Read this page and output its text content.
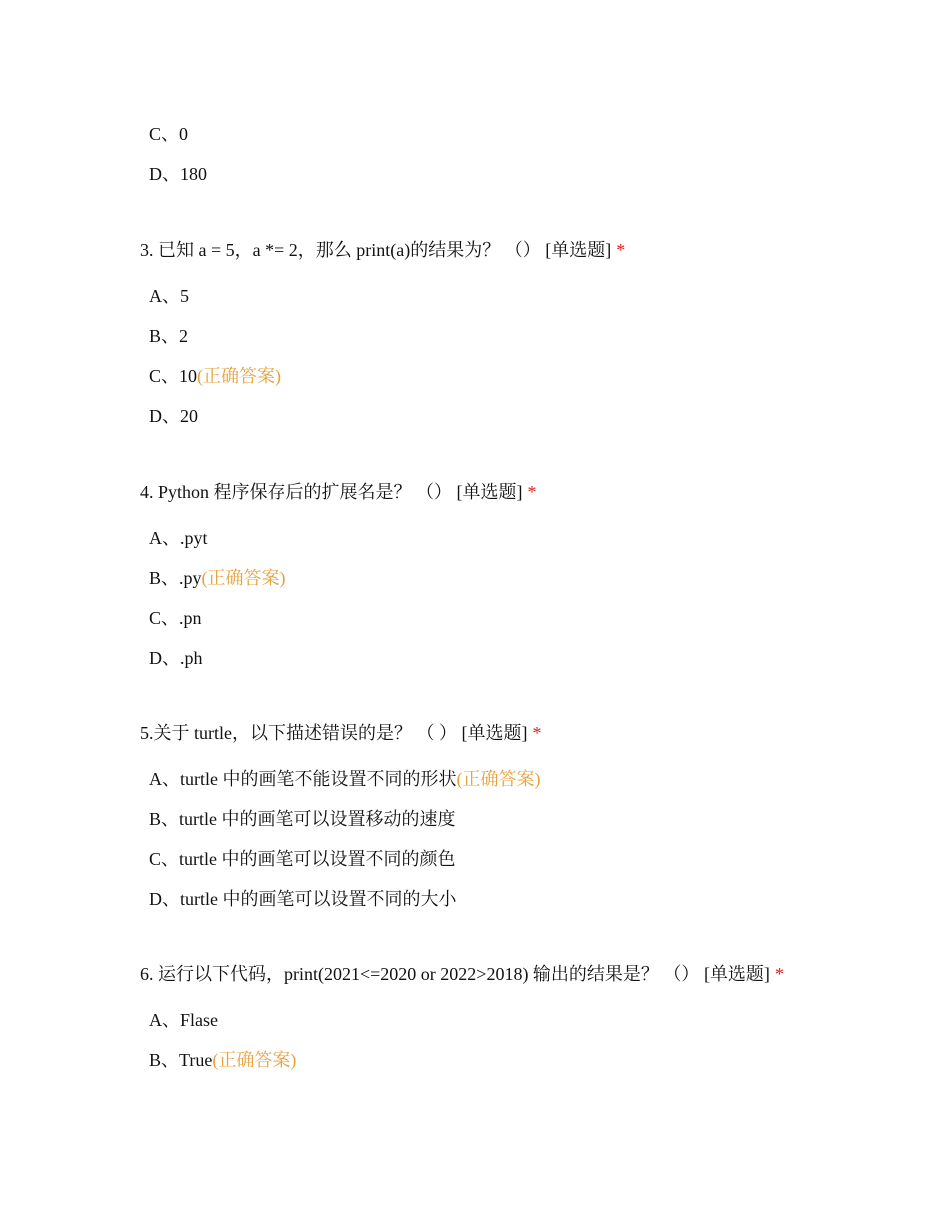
C、0
D、180
3. 已知 a = 5，a *= 2，那么 print(a)的结果为？ （） [单选题] *
A、5
B、2
C、10(正确答案)
D、20
4. Python 程序保存后的扩展名是？ （） [单选题] *
A、.pyt
B、.py(正确答案)
C、.pn
D、.ph
5.关于 turtle，以下描述错误的是？ （ ） [单选题] *
A、turtle 中的画笔不能设置不同的形状(正确答案)
B、turtle 中的画笔可以设置移动的速度
C、turtle 中的画笔可以设置不同的颜色
D、turtle 中的画笔可以设置不同的大小
6. 运行以下代码，print(2021<=2020 or 2022>2018) 输出的结果是？ （） [单选题] *
A、Flase
B、True(正确答案)
